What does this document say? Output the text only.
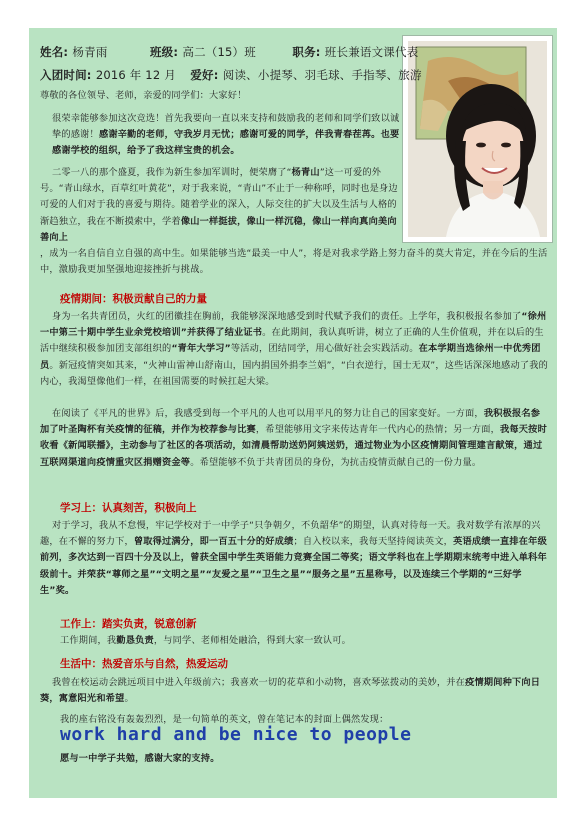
姓名: 杨青雨	班级: 高二（15）班	职务: 班长兼语文课代表
入团时间: 2016 年 12 月 爱好: 阅读、小提琴、羽毛球、手指琴、旅游
尊敬的各位领导、老师，亲爱的同学们：大家好！
很荣幸能够参加这次竞选！首先我要向一直以来支持和鼓励我的老师和同学们致以诚挚的感谢！感谢辛勤的老师，守我岁月无忧；感谢可爱的同学，伴我青春茬苒。也要感谢学校的组织，给予了我这样宝贵的机会。
二零一八的那个盛夏，我作为新生参加军训时，便荣膺了“杨青山”这一可爱的外号。“青山绿水，百草红叶黄花”，对于我来说，“青山”不止于一种称呼，同时也是身边可爱的人们对于我的喜爱与期待。随着学业的深入，人际交往的扩大以及生活与人格的渐趋独立，我在不断摸索中，学着像山一样挺拔，像山一样沉稳，像山一样向真向美向善向上
，成为一名自信自立自强的高中生。如果能够当选“最美一中人”，将是对我求学路上努力奋斗的莫大肯定，并在今后的生活中，激励我更加坚强地迎接挫折与挑战。
疫情期间：积极贡献自己的力量
身为一名共青团员，火红的团徽挂在胸前，我能够深深地感受到时代赋予我们的责任。上学年，我积极报名参加了“徐州一中第三十期中学生业余党校培训”并获得了结业证书。在此期间，我认真听讲，树立了正确的人生价值观，并在以后的生活中继续积极参加团支部组织的“青年大学习”等活动，团结同学，用心做好社会实践活动。在本学期当选徐州一中优秀团员。新冠疫情突如其来，“火神山雷神山舒南山，国内捐国外捐李兰娟”，“白衣逆行，国士无双”，这些话深深地感动了我的内心，我渴望像他们一样，在祖国需要的时候扛起大梁。
在阅读了《平凡的世界》后，我感受到每一个平凡的人也可以用平凡的努力让自己的国家变好。一方面，我积极报名参加了叶圣陶杯有关疫情的征稿，并作为校荐参与比赛，希望能够用文字来传达青年一代内心的热情；另一方面，我每天按时收看《新闻联播》，主动参与了社区的各项活动，如清晨帮助送奶阿姨送奶，通过物业为小区疫情期间管理建言献策，通过互联网渠道向疫情重灾区捐赠资金等。希望能够不负于共青团员的身份，为抗击疫情贡献自己的一份力量。
学习上：认真刻苦，积极向上
对于学习，我从不怠慢，牢记学校对于一中学子“只争朝夕，不负韶华”的期望，认真对待每一天。我对数学有浓厚的兴趣，在不懈的努力下，曾取得过满分，即一百五十分的好成绩；自入校以来，我每天坚持阅读英文，英语成绩一直排在年级前列，多次达到一百四十分及以上，曾获全国中学生英语能力竞赛全国二等奖；语文学科也在上学期期末统考中进入单科年级前十。并荣获“尊师之星”“文明之星”“友爱之星”“卫生之星”“服务之星”五星称号，以及连续三个学期的“三好学生”奖。
工作上：踏实负责，锐意创新
工作期间，我勤恳负责，与同学、老师相处融洽，得到大家一致认可。
生活中：热爱音乐与自然，热爱运动
我曾在校运动会跳远项目中进入年级前六；我喜欢一切的花草和小动物，喜欢琴弦拨动的美妙，并在疫情期间种下向日葵，寓意阳光和希望。
我的座右铭没有轰轰烈烈，是一句简单的英文，曾在笔记本的封面上偶然发现：
work hard and be nice to people
愿与一中学子共勉，感谢大家的支持。
